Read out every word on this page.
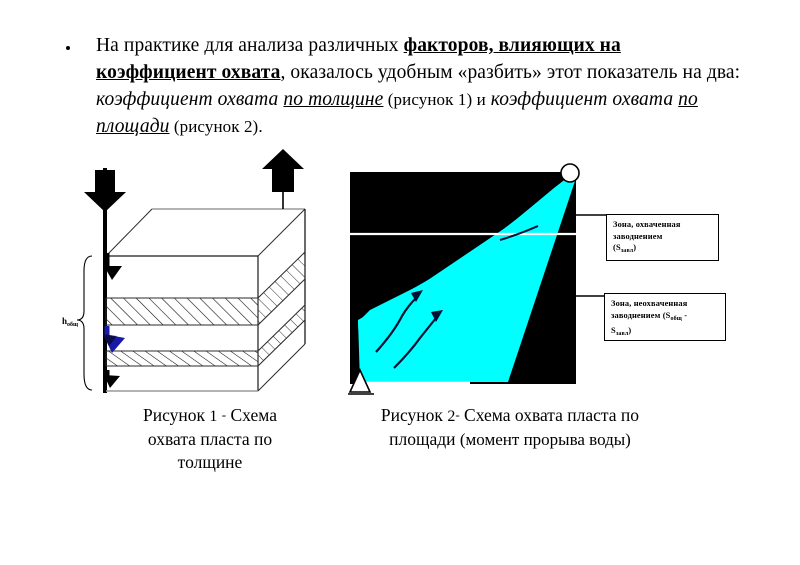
На практике для анализа различных факторов, влияющих на коэффициент охвата, оказалось удобным «разбить» этот показатель на два: коэффициент охвата по толщине (рисунок 1) и коэффициент охвата по площади (рисунок 2).
$h_{общ}$
Рисунок 1 - Схема
охвата пласта по
толщине
Зона, охваченная
заводнением
$(S_{завл})$
Зона, неохваченная
заводнением ($S_{общ}$ -
$S_{завл}$)
Рисунок 2- Схема охвата пласта по
площади (момент прорыва воды)
